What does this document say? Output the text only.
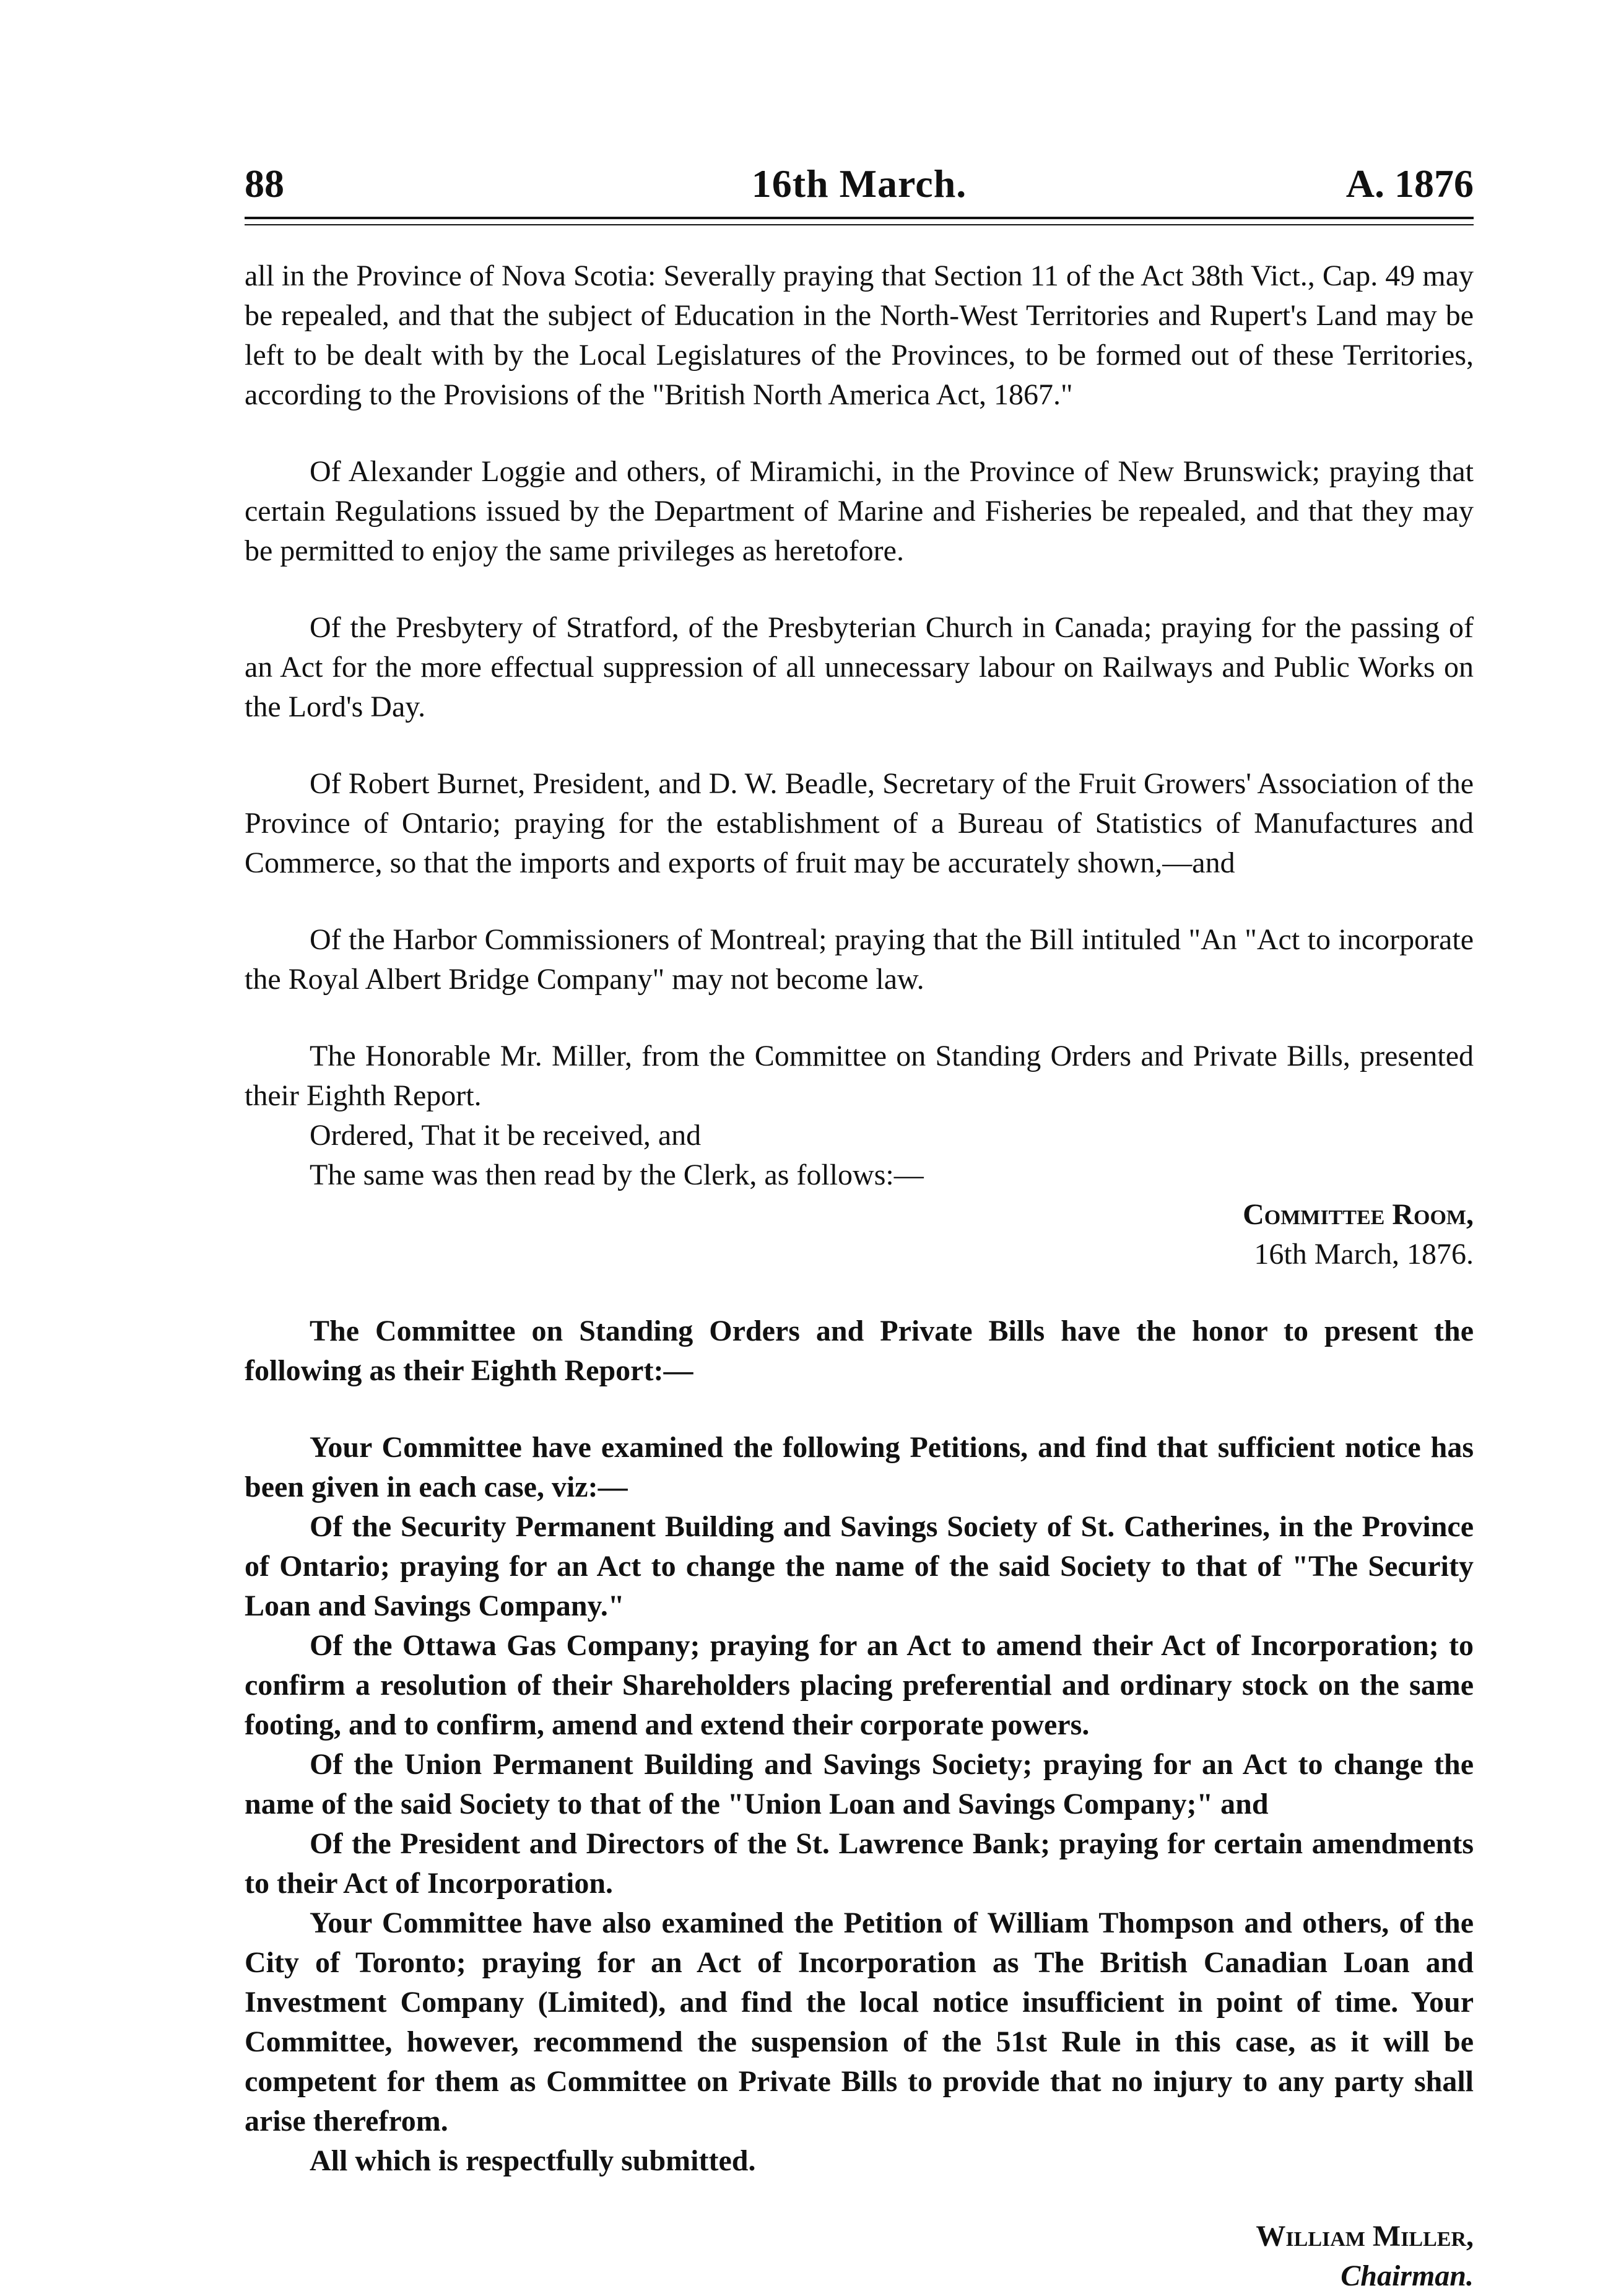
88	16th March.	A. 1876

all in the Province of Nova Scotia: Severally praying that Section 11 of the Act 38th Vict., Cap. 49 may be repealed, and that the subject of Education in the North-West Territories and Rupert's Land may be left to be dealt with by the Local Legislatures of the Provinces, to be formed out of these Territories, according to the Provisions of the "British North America Act, 1867."

Of Alexander Loggie and others, of Miramichi, in the Province of New Brunswick; praying that certain Regulations issued by the Department of Marine and Fisheries be repealed, and that they may be permitted to enjoy the same privileges as heretofore.

Of the Presbytery of Stratford, of the Presbyterian Church in Canada; praying for the passing of an Act for the more effectual suppression of all unnecessary labour on Railways and Public Works on the Lord's Day.

Of Robert Burnet, President, and D. W. Beadle, Secretary of the Fruit Growers' Association of the Province of Ontario; praying for the establishment of a Bureau of Statistics of Manufactures and Commerce, so that the imports and exports of fruit may be accurately shown,—and

Of the Harbor Commissioners of Montreal; praying that the Bill intituled "An "Act to incorporate the Royal Albert Bridge Company" may not become law.

The Honorable Mr. Miller, from the Committee on Standing Orders and Private Bills, presented their Eighth Report.

Ordered, That it be received, and

The same was then read by the Clerk, as follows:—

Committee Room,
16th March, 1876.

The Committee on Standing Orders and Private Bills have the honor to present the following as their Eighth Report:—

Your Committee have examined the following Petitions, and find that sufficient notice has been given in each case, viz:—

Of the Security Permanent Building and Savings Society of St. Catherines, in the Province of Ontario; praying for an Act to change the name of the said Society to that of "The Security Loan and Savings Company."

Of the Ottawa Gas Company; praying for an Act to amend their Act of Incorporation; to confirm a resolution of their Shareholders placing preferential and ordinary stock on the same footing, and to confirm, amend and extend their corporate powers.

Of the Union Permanent Building and Savings Society; praying for an Act to change the name of the said Society to that of the "Union Loan and Savings Company;" and

Of the President and Directors of the St. Lawrence Bank; praying for certain amendments to their Act of Incorporation.

Your Committee have also examined the Petition of William Thompson and others, of the City of Toronto; praying for an Act of Incorporation as The British Canadian Loan and Investment Company (Limited), and find the local notice insufficient in point of time. Your Committee, however, recommend the suspension of the 51st Rule in this case, as it will be competent for them as Committee on Private Bills to provide that no injury to any party shall arise therefrom.

All which is respectfully submitted.

William Miller,
Chairman.
